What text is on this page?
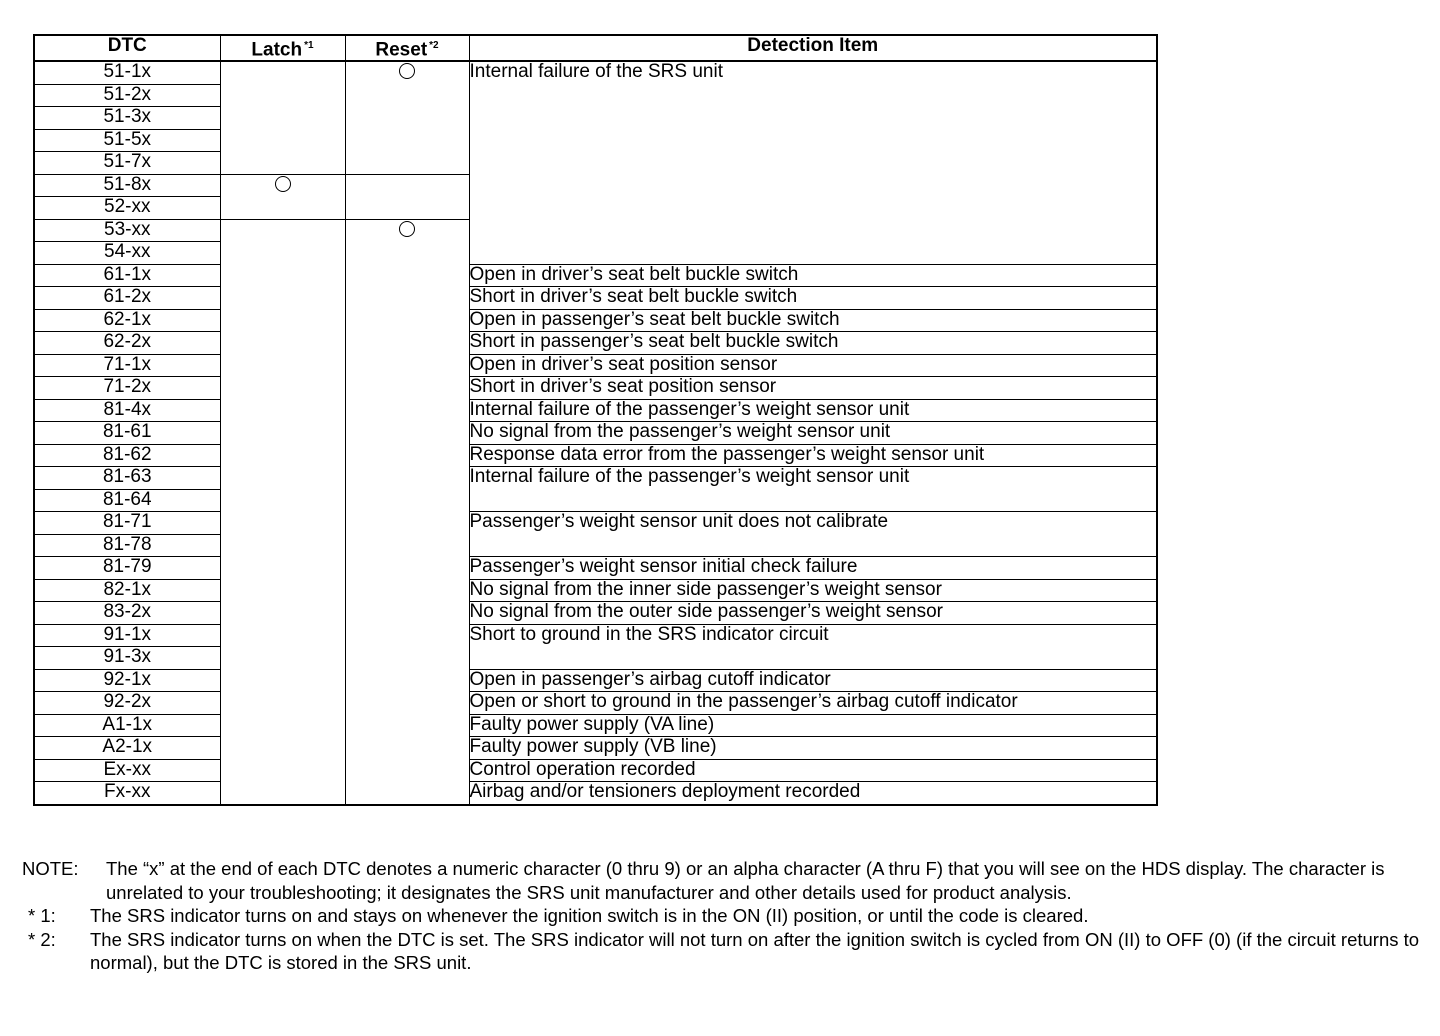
DTC	Latch $^{*1}$	Reset $^{*2}$	Detection Item
51-1x			Internal failure of the SRS unit
51-2x			
51-3x			
51-5x			
51-7x			
51-8x			
52-xx			
53-xx			
54-xx			
61-1x			Open in driver’s seat belt buckle switch
61-2x			Short in driver’s seat belt buckle switch
62-1x			Open in passenger’s seat belt buckle switch
62-2x			Short in passenger’s seat belt buckle switch
71-1x			Open in driver’s seat position sensor
71-2x			Short in driver’s seat position sensor
81-4x			Internal failure of the passenger’s weight sensor unit
81-61			No signal from the passenger’s weight sensor unit
81-62			Response data error from the passenger’s weight sensor unit
81-63			Internal failure of the passenger’s weight sensor unit
81-64			
81-71			Passenger’s weight sensor unit does not calibrate
81-78			
81-79			Passenger’s weight sensor initial check failure
82-1x			No signal from the inner side passenger’s weight sensor
83-2x			No signal from the outer side passenger’s weight sensor
91-1x			Short to ground in the SRS indicator circuit
91-3x			
92-1x			Open in passenger’s airbag cutoff indicator
92-2x			Open or short to ground in the passenger’s airbag cutoff indicator
A1-1x			Faulty power supply (VA line)
A2-1x			Faulty power supply (VB line)
Ex-xx			Control operation recorded
Fx-xx			Airbag and/or tensioners deployment recorded
NOTE:	The “x” at the end of each DTC denotes a numeric character (0 thru 9) or an alpha character (A thru F) that you will see on the HDS display. The character is unrelated to your troubleshooting; it designates the SRS unit manufacturer and other details used for product analysis.
* 1:	The SRS indicator turns on and stays on whenever the ignition switch is in the ON (II) position, or until the code is cleared.
* 2:	The SRS indicator turns on when the DTC is set. The SRS indicator will not turn on after the ignition switch is cycled from ON (II) to OFF (0) (if the circuit returns to normal), but the DTC is stored in the SRS unit.
